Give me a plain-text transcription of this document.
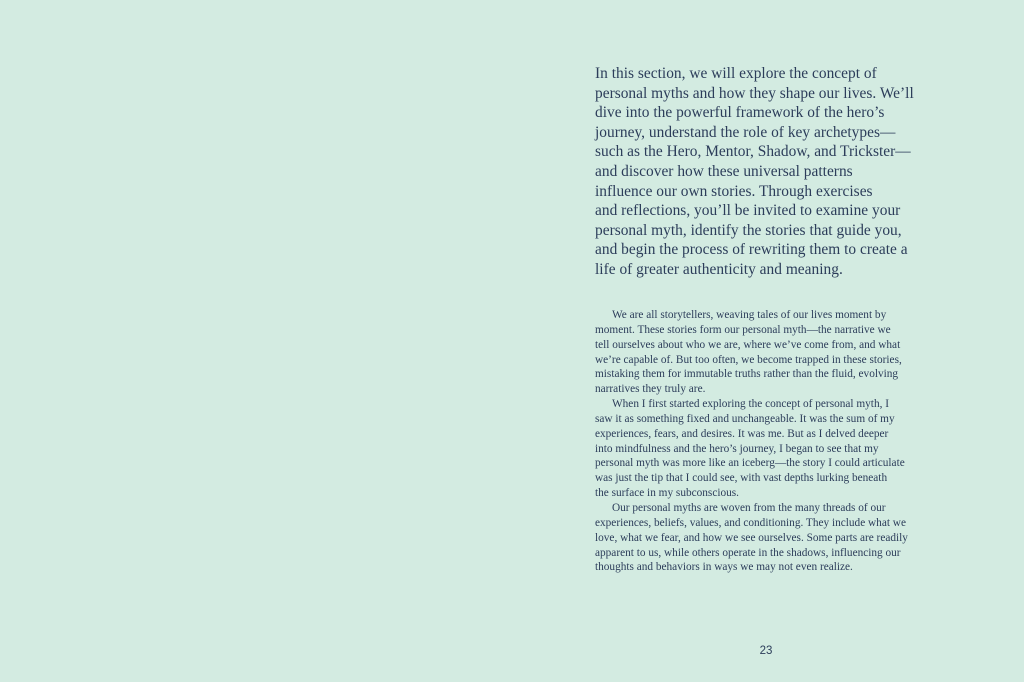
In this section, we will explore the concept of
personal myths and how they shape our lives. We’ll
dive into the powerful framework of the hero’s
journey, understand the role of key archetypes—
such as the Hero, Mentor, Shadow, and Trickster—
and discover how these universal patterns
influence our own stories. Through exercises
and reflections, you’ll be invited to examine your
personal myth, identify the stories that guide you,
and begin the process of rewriting them to create a
life of greater authenticity and meaning.
We are all storytellers, weaving tales of our lives moment by
moment. These stories form our personal myth—the narrative we
tell ourselves about who we are, where we’ve come from, and what
we’re capable of. But too often, we become trapped in these stories,
mistaking them for immutable truths rather than the fluid, evolving
narratives they truly are.
When I first started exploring the concept of personal myth, I
saw it as something fixed and unchangeable. It was the sum of my
experiences, fears, and desires. It was me. But as I delved deeper
into mindfulness and the hero’s journey, I began to see that my
personal myth was more like an iceberg—the story I could articulate
was just the tip that I could see, with vast depths lurking beneath
the surface in my subconscious.
Our personal myths are woven from the many threads of our
experiences, beliefs, values, and conditioning. They include what we
love, what we fear, and how we see ourselves. Some parts are readily
apparent to us, while others operate in the shadows, influencing our
thoughts and behaviors in ways we may not even realize.
23
